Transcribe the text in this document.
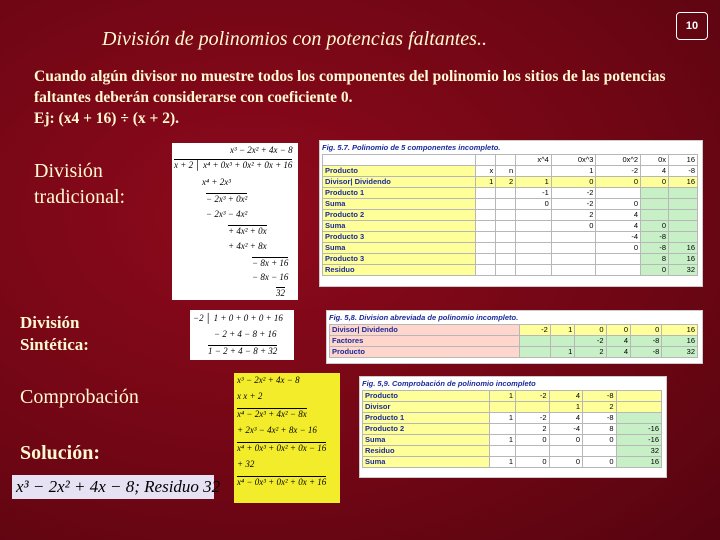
División de polinomios con potencias faltantes..
10
Cuando algún divisor no muestre todos los componentes del polinomio los sitios de las potencias faltantes deberán considerarse con coeficiente 0.
Ej: (x4 + 16) ÷ (x + 2).
División
tradicional:
División
Sintética:
Comprobación
Solución:
x³ − 2x² + 4x − 8
x + 2 │ x⁴ + 0x³ + 0x² + 0x + 16
x⁴ + 2x³
− 2x³ + 0x²
− 2x³ − 4x²
+ 4x² + 0x
+ 4x² + 8x
− 8x + 16
− 8x − 16
32
Fig. 5.7. Polinomio de 5 componentes incompleto.
			x^4	0x^3	0x^2	0x	16
Producto	x	n		1	-2	4	-8
Divisor| Dividendo	1	2	1	0	0	0	16
Producto 1			-1	-2			
Suma			0	-2	0		
Producto 2				2	4		
Suma				0	4	0	
Producto 3					-4	-8	
Suma					0	-8	16
Producto 3						8	16
Residuo						0	32
−2 │ 1 + 0 + 0 + 0 + 16
− 2 + 4 − 8 + 16
1 − 2 + 4 − 8 + 32
Fig. 5,8. Division abreviada de polinomio incompleto.
Divisor| Dividendo	-2	1	0	0	0	16
Factores			-2	4	-8	16
Producto		1	2	4	-8	32
x³ − 2x² + 4x − 8
x x + 2
x⁴ − 2x³ + 4x² − 8x
+ 2x³ − 4x² + 8x − 16
x⁴ + 0x³ + 0x² + 0x − 16
+ 32
x⁴ − 0x³ + 0x² + 0x + 16
Fig. 5,9. Comprobación de polinomio incompleto
Producto	1	-2	4	-8	
Divisor			1	2	
Producto 1	1	-2	4	-8	
Producto 2		2	-4	8	-16
Suma	1	0	0	0	-16
Residuo					32
Suma	1	0	0	0	16
x³ − 2x² + 4x − 8; Residuo 32
